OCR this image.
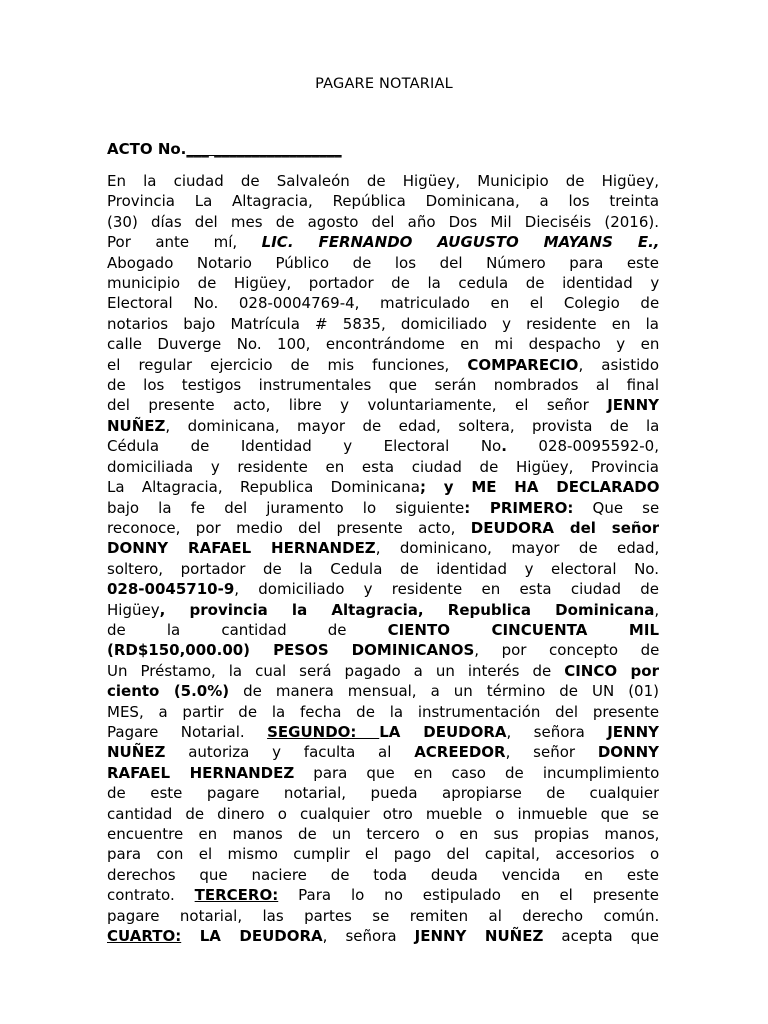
PAGARE NOTARIAL

ACTO No.___ _________________

En la ciudad de Salvaleón de Higüey, Municipio de Higüey,
Provincia La Altagracia, República Dominicana, a los treinta
(30) días del mes de agosto del año Dos Mil Dieciséis (2016).
Por ante mí, LIC. FERNANDO AUGUSTO MAYANS E.,
Abogado Notario Público de los del Número para este
municipio de Higüey, portador de la cedula de identidad y
Electoral No. 028-0004769-4, matriculado en el Colegio de
notarios bajo Matrícula # 5835, domiciliado y residente en la
calle Duverge No. 100, encontrándome en mi despacho y en
el regular ejercicio de mis funciones, COMPARECIO, asistido
de los testigos instrumentales que serán nombrados al final
del presente acto, libre y voluntariamente, el señor JENNY
NUÑEZ, dominicana, mayor de edad, soltera, provista de la
Cédula de Identidad y Electoral No. 028-0095592-0,
domiciliada y residente en esta ciudad de Higüey, Provincia
La Altagracia, Republica Dominicana; y ME HA DECLARADO
bajo la fe del juramento lo siguiente: PRIMERO: Que se
reconoce, por medio del presente acto, DEUDORA del señor
DONNY RAFAEL HERNANDEZ, dominicano, mayor de edad,
soltero, portador de la Cedula de identidad y electoral No.
028-0045710-9, domiciliado y residente en esta ciudad de
Higüey, provincia la Altagracia, Republica Dominicana,
de la cantidad de CIENTO CINCUENTA MIL
(RD$150,000.00) PESOS DOMINICANOS, por concepto de
Un Préstamo, la cual será pagado a un interés de CINCO por
ciento (5.0%) de manera mensual, a un término de UN (01)
MES, a partir de la fecha de la instrumentación del presente
Pagare Notarial. SEGUNDO: LA DEUDORA, señora JENNY
NUÑEZ autoriza y faculta al ACREEDOR, señor DONNY
RAFAEL HERNANDEZ para que en caso de incumplimiento
de este pagare notarial, pueda apropiarse de cualquier
cantidad de dinero o cualquier otro mueble o inmueble que se
encuentre en manos de un tercero o en sus propias manos,
para con el mismo cumplir el pago del capital, accesorios o
derechos que naciere de toda deuda vencida en este
contrato. TERCERO: Para lo no estipulado en el presente
pagare notarial, las partes se remiten al derecho común.
CUARTO: LA DEUDORA, señora JENNY NUÑEZ acepta que
